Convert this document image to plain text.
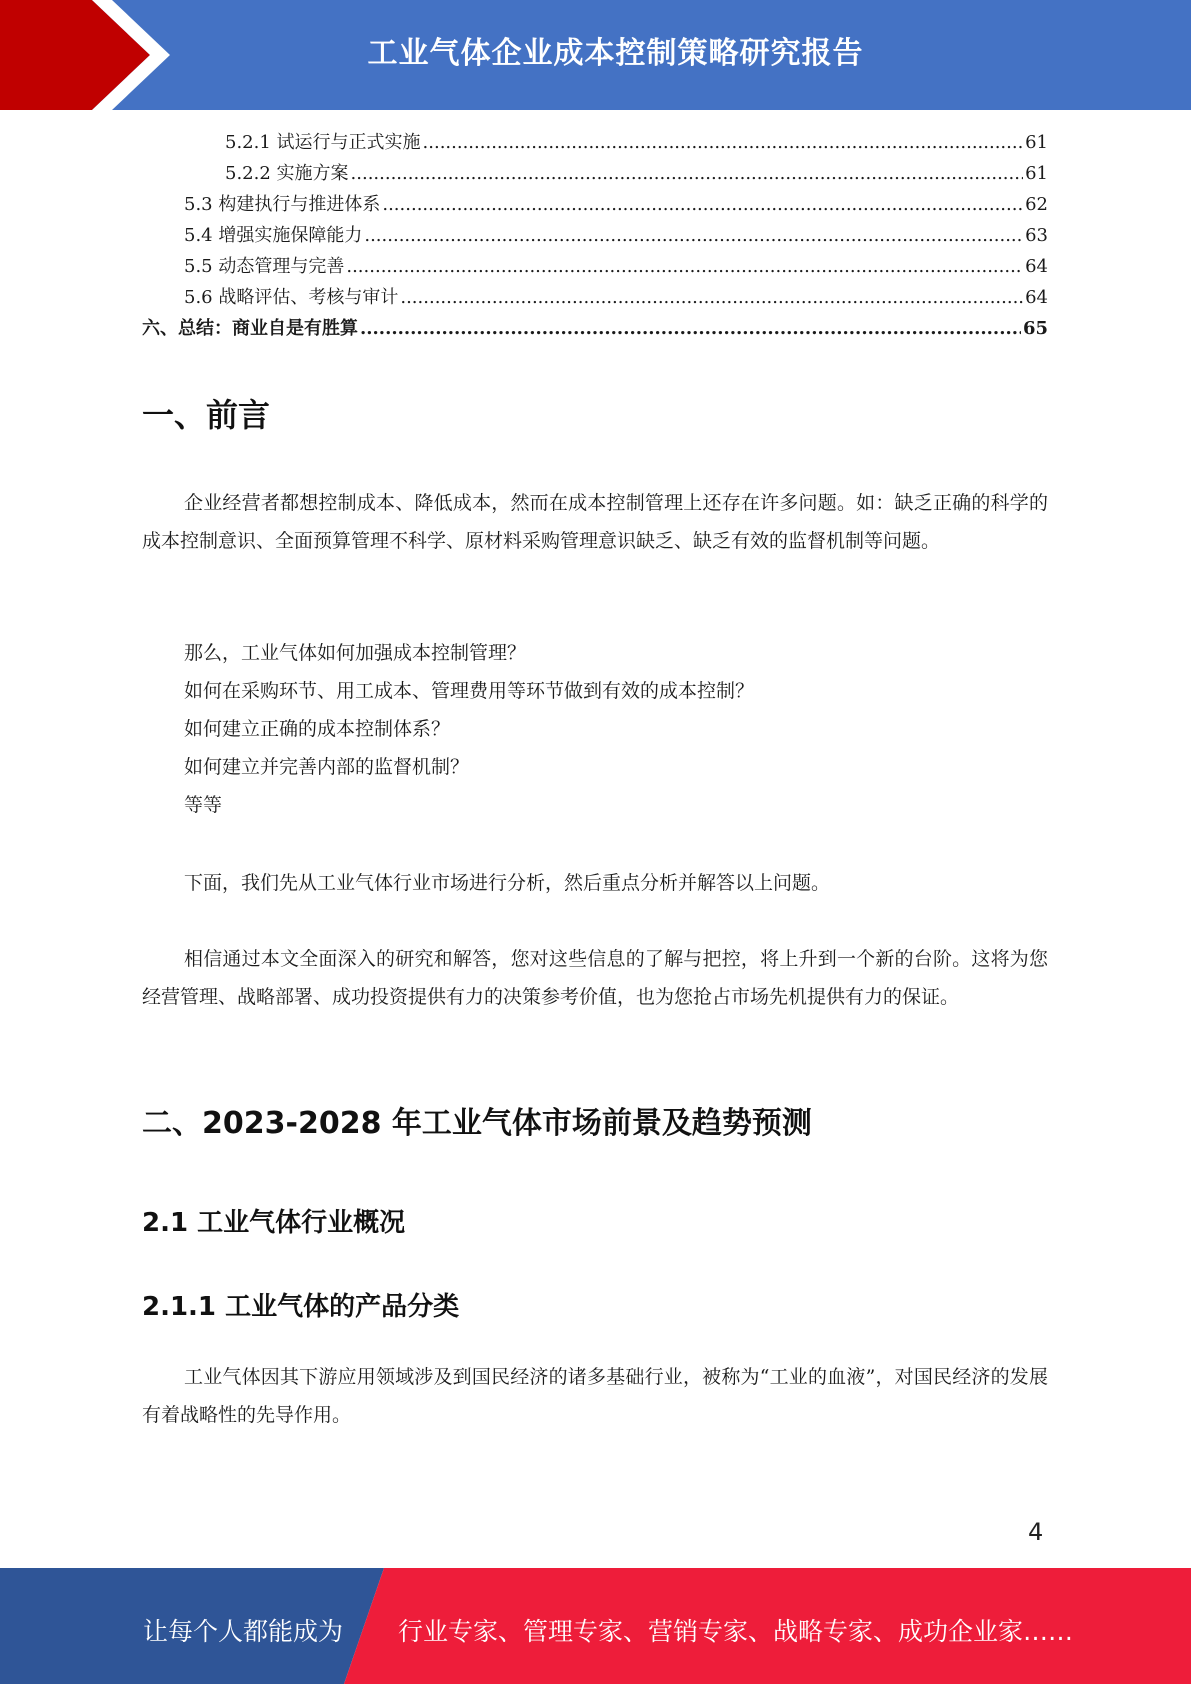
工业气体企业成本控制策略研究报告
5.2.1 试运行与正式实施 .....	61
5.2.2 实施方案 .....	61
5.3 构建执行与推进体系 .....	62
5.4 增强实施保障能力 .....	63
5.5 动态管理与完善 .....	64
5.6 战略评估、考核与审计 .....	64
六、总结：商业自是有胜算 .....	65
一、前言

企业经营者都想控制成本、降低成本，然而在成本控制管理上还存在许多问题。如：缺乏正确的科学的成本控制意识、全面预算管理不科学、原材料采购管理意识缺乏、缺乏有效的监督机制等问题。

那么，工业气体如何加强成本控制管理？

如何在采购环节、用工成本、管理费用等环节做到有效的成本控制？

如何建立正确的成本控制体系？

如何建立并完善内部的监督机制？

等等

下面，我们先从工业气体行业市场进行分析，然后重点分析并解答以上问题。

相信通过本文全面深入的研究和解答，您对这些信息的了解与把控，将上升到一个新的台阶。这将为您经营管理、战略部署、成功投资提供有力的决策参考价值，也为您抢占市场先机提供有力的保证。

二、2023-2028 年工业气体市场前景及趋势预测
2.1 工业气体行业概况
2.1.1 工业气体的产品分类

工业气体因其下游应用领域涉及到国民经济的诸多基础行业，被称为“工业的血液”，对国民经济的发展有着战略性的先导作用。

4
让每个人都能成为 行业专家、管理专家、营销专家、战略专家、成功企业家……
